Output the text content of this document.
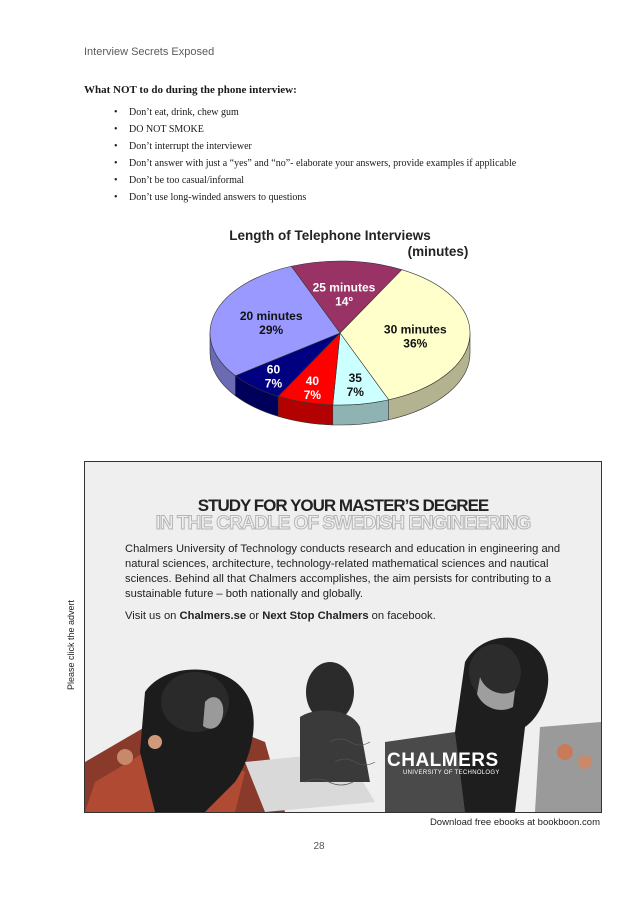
Interview Secrets Exposed
What NOT to do during the phone interview:
• Don’t eat, drink, chew gum
• DO NOT SMOKE
• Don’t interrupt the interviewer
• Don’t answer with just a “yes” and “no”- elaborate your answers, provide examples if applicable
• Don’t be too casual/informal
• Don’t use long-winded answers to questions
Length of Telephone Interviews
(minutes)
25 minutes
14º
30 minutes
36%
35
7%
40
7%
60
7%
20 minutes
29%
STUDY FOR YOUR MASTER’S DEGREE
IN THE CRADLE OF SWEDISH ENGINEERING
Chalmers University of Technology conducts research and education in engineering and natural sciences, architecture, technology-related mathematical sciences and nautical sciences. Behind all that Chalmers accomplishes, the aim persists for contributing to a sustainable future – both nationally and globally.
Visit us on Chalmers.se or Next Stop Chalmers on facebook.
CHALMERS
UNIVERSITY OF TECHNOLOGY
Please click the advert
Download free ebooks at bookboon.com
28
